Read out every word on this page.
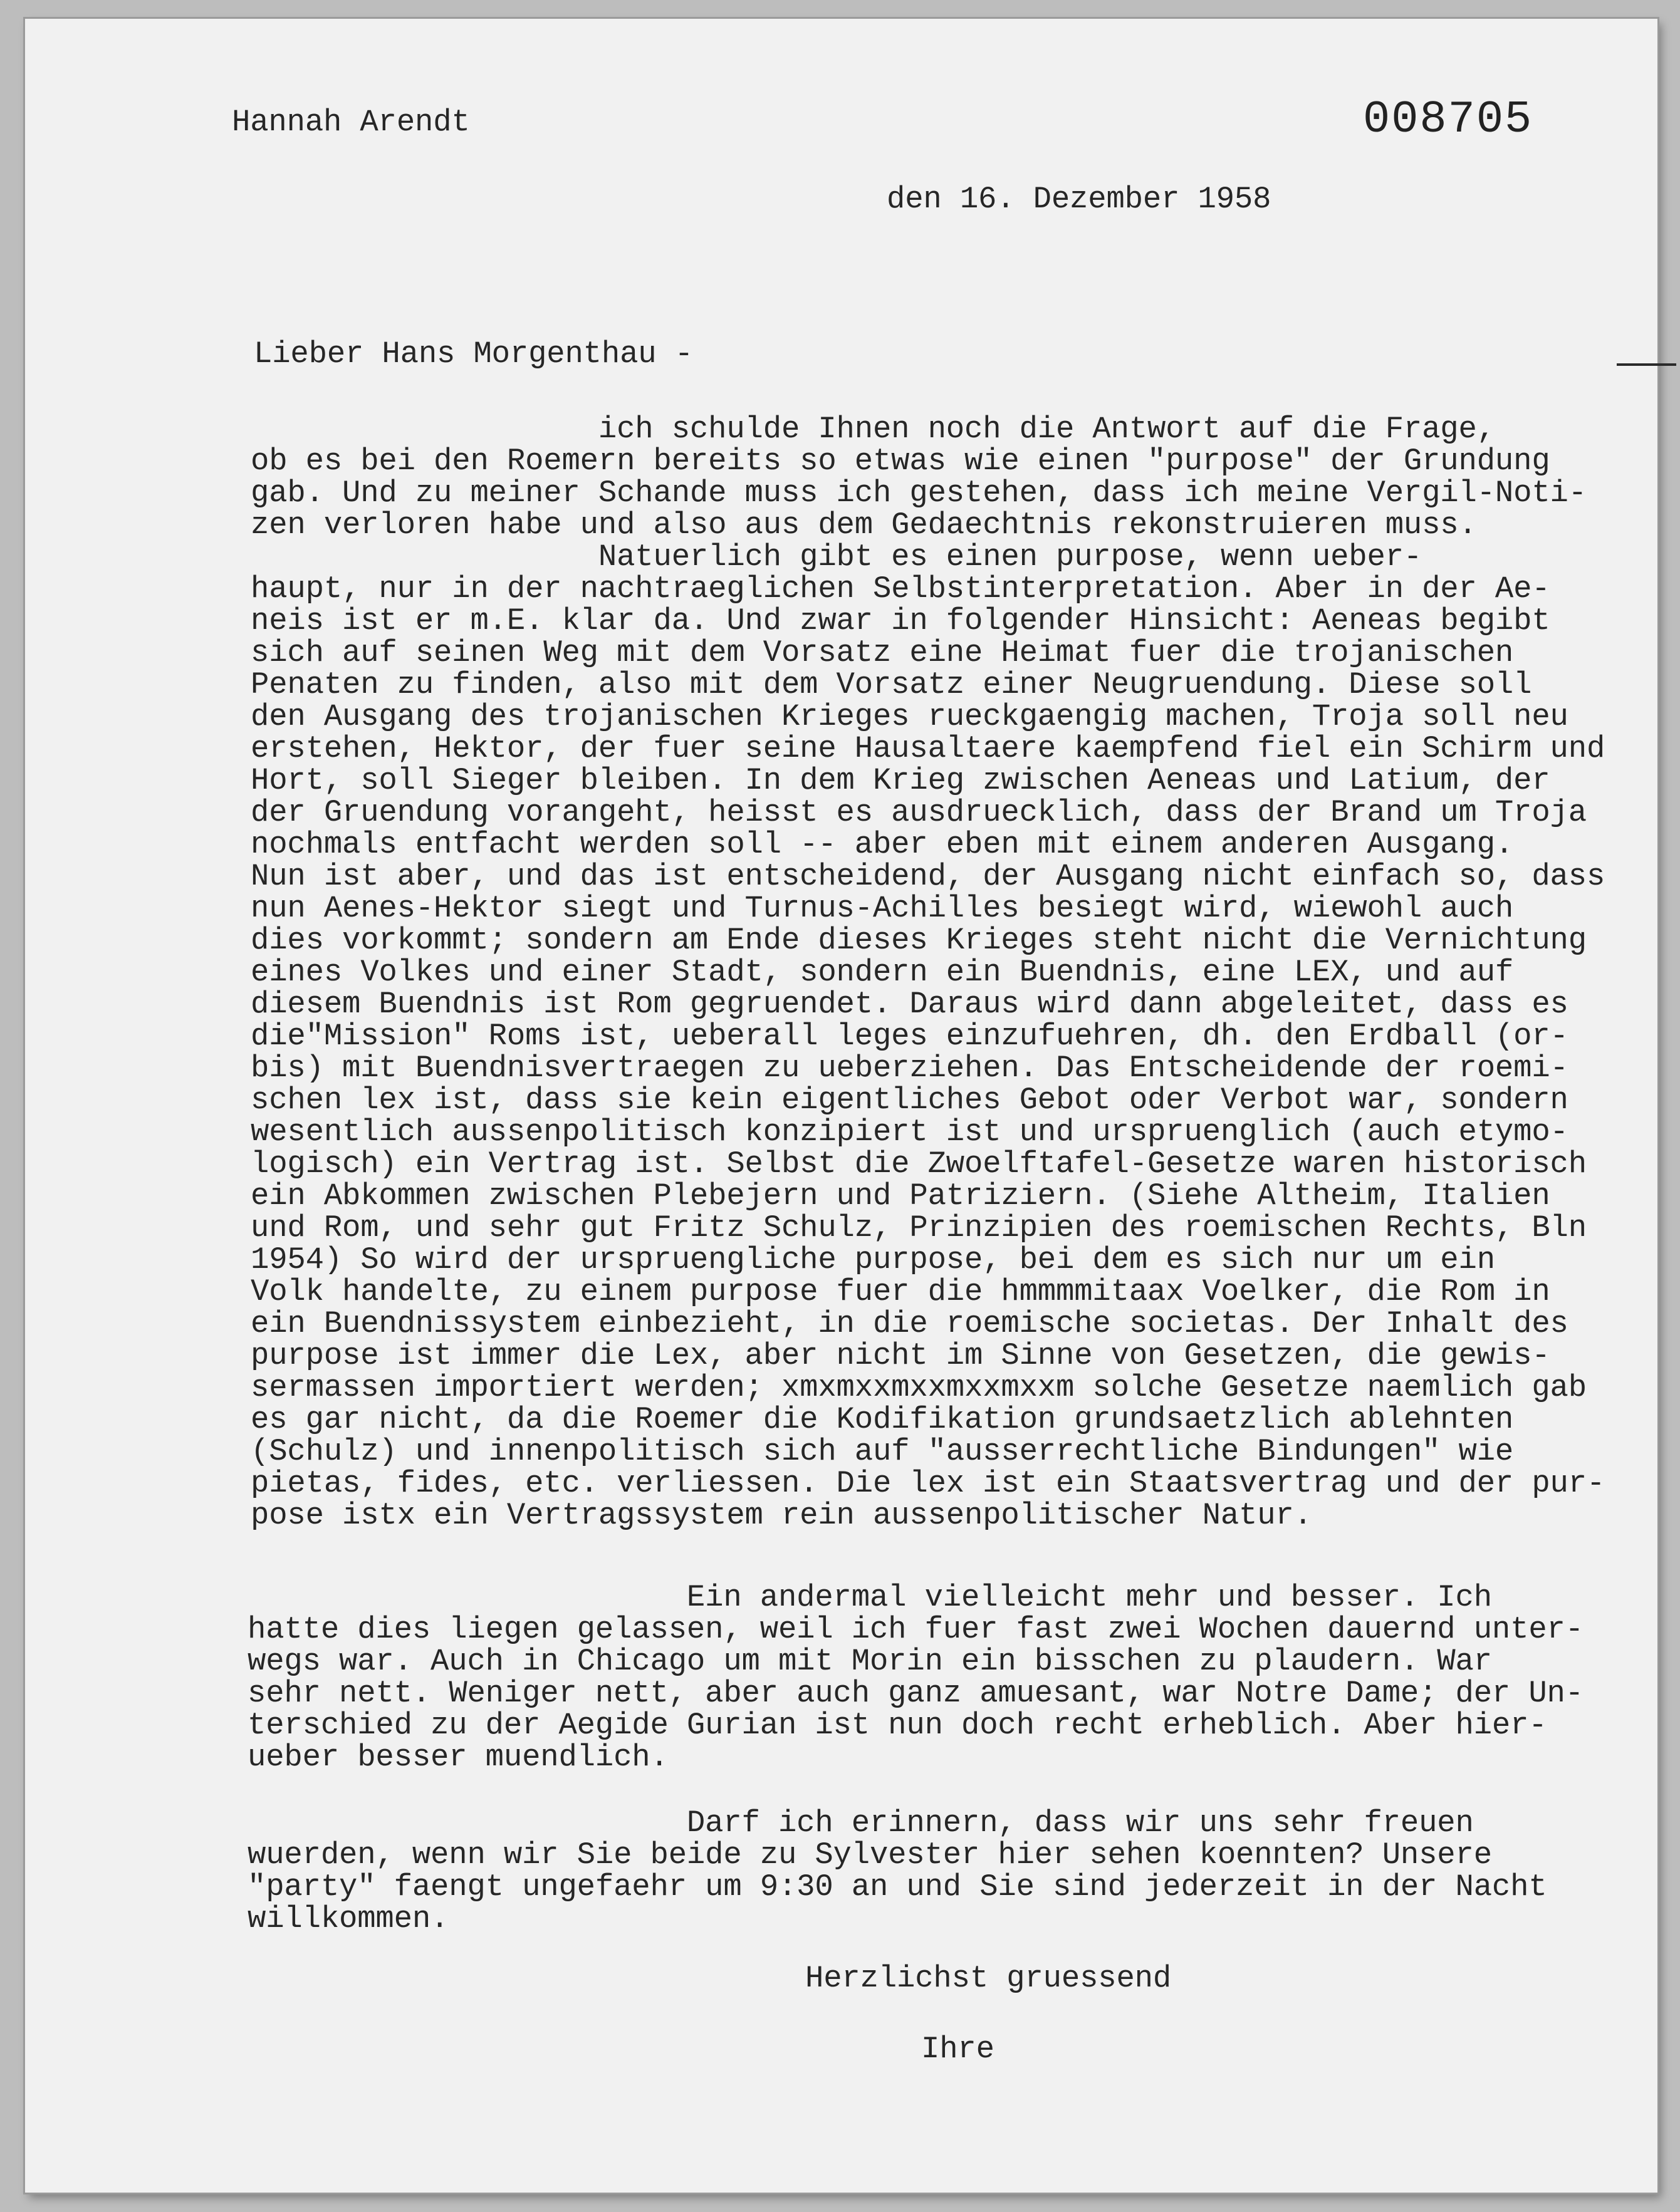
Hannah Arendt	008705
den 16. Dezember 1958
Lieber Hans Morgenthau -
ich schulde Ihnen noch die Antwort auf die Frage,
ob es bei den Roemern bereits so etwas wie einen "purpose" der Grundung
gab. Und zu meiner Schande muss ich gestehen, dass ich meine Vergil-Noti-
zen verloren habe und also aus dem Gedaechtnis rekonstruieren muss.
Natuerlich gibt es einen purpose, wenn ueber-
haupt, nur in der nachtraeglichen Selbstinterpretation. Aber in der Ae-
neis ist er m.E. klar da. Und zwar in folgender Hinsicht: Aeneas begibt
sich auf seinen Weg mit dem Vorsatz eine Heimat fuer die trojanischen
Penaten zu finden, also mit dem Vorsatz einer Neugruendung. Diese soll
den Ausgang des trojanischen Krieges rueckgaengig machen, Troja soll neu
erstehen, Hektor, der fuer seine Hausaltaere kaempfend fiel ein Schirm und
Hort, soll Sieger bleiben. In dem Krieg zwischen Aeneas und Latium, der
der Gruendung vorangeht, heisst es ausdruecklich, dass der Brand um Troja
nochmals entfacht werden soll -- aber eben mit einem anderen Ausgang.
Nun ist aber, und das ist entscheidend, der Ausgang nicht einfach so, dass
nun Aenes-Hektor siegt und Turnus-Achilles besiegt wird, wiewohl auch
dies vorkommt; sondern am Ende dieses Krieges steht nicht die Vernichtung
eines Volkes und einer Stadt, sondern ein Buendnis, eine LEX, und auf
diesem Buendnis ist Rom gegruendet. Daraus wird dann abgeleitet, dass es
die"Mission" Roms ist, ueberall leges einzufuehren, dh. den Erdball (or-
bis) mit Buendnisvertraegen zu ueberziehen. Das Entscheidende der roemi-
schen lex ist, dass sie kein eigentliches Gebot oder Verbot war, sondern
wesentlich aussenpolitisch konzipiert ist und urspruenglich (auch etymo-
logisch) ein Vertrag ist. Selbst die Zwoelftafel-Gesetze waren historisch
ein Abkommen zwischen Plebejern und Patriziern. (Siehe Altheim, Italien
und Rom, und sehr gut Fritz Schulz, Prinzipien des roemischen Rechts, Bln
1954) So wird der urspruengliche purpose, bei dem es sich nur um ein
Volk handelte, zu einem purpose fuer die hmmmmitaax Voelker, die Rom in
ein Buendnissystem einbezieht, in die roemische societas. Der Inhalt des
purpose ist immer die Lex, aber nicht im Sinne von Gesetzen, die gewis-
sermassen importiert werden; xmxmxxmxxmxxmxxm solche Gesetze naemlich gab
es gar nicht, da die Roemer die Kodifikation grundsaetzlich ablehnten
(Schulz) und innenpolitisch sich auf "ausserrechtliche Bindungen" wie
pietas, fides, etc. verliessen. Die lex ist ein Staatsvertrag und der pur-
pose istx ein Vertragssystem rein aussenpolitischer Natur.
Ein andermal vielleicht mehr und besser. Ich
hatte dies liegen gelassen, weil ich fuer fast zwei Wochen dauernd unter-
wegs war. Auch in Chicago um mit Morin ein bisschen zu plaudern. War
sehr nett. Weniger nett, aber auch ganz amuesant, war Notre Dame; der Un-
terschied zu der Aegide Gurian ist nun doch recht erheblich. Aber hier-
ueber besser muendlich.
Darf ich erinnern, dass wir uns sehr freuen
wuerden, wenn wir Sie beide zu Sylvester hier sehen koennten? Unsere
"party" faengt ungefaehr um 9:30 an und Sie sind jederzeit in der Nacht
willkommen.
Herzlichst gruessend
Ihre
